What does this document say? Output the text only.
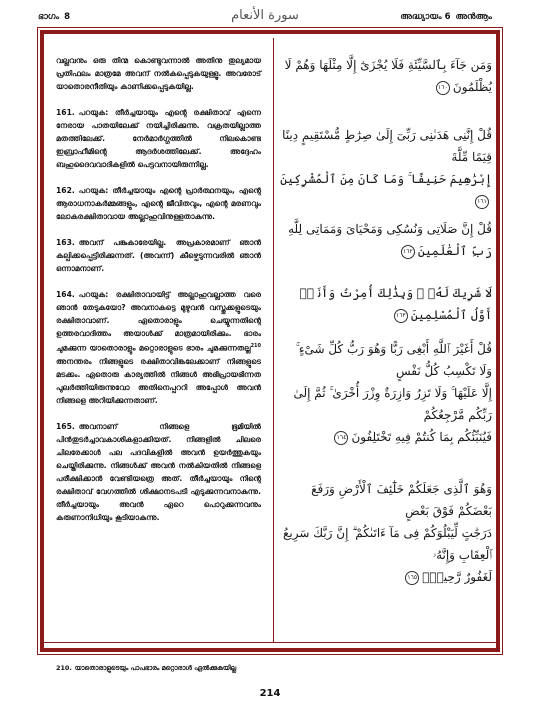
ഭാഗം 8	سورة الأنعام	അദ്ധ്യായം 6 അൻആം

വല്ലവനും ഒരു തിന്മ കൊണ്ടുവന്നാൽ അതിനു തുല്യമായ പ്രതിഫലം മാത്രമേ അവന് നൽകപ്പെടുകയുള്ളൂ. അവരോട് യാതൊരനീതിയും കാണിക്കപ്പെടുകയില്ല.

161. പറയുക: തീർച്ചയായും എന്റെ രക്ഷിതാവ് എന്നെ നേരായ പാതയിലേക്ക് നയിച്ചിരിക്കുന്നു. വക്രതയില്ലാത്ത മതത്തിലേക്ക്. നേർമാർഗ്ഗത്തിൽ നിലകൊണ്ട ഇബ്രാഹീമിന്റെ ആദർശത്തിലേക്ക്. അദ്ദേഹം ബഹുദൈവവാദികളിൽ പെട്ടവനായിരുന്നില്ല.

162. പറയുക: തീർച്ചയായും എന്റെ പ്രാർത്ഥനയും, എന്റെ ആരാധനാകർമ്മങ്ങളും, എന്റെ ജീവിതവും, എന്റെ മരണവും ലോകരക്ഷിതാവായ അല്ലാഹുവിനുള്ളതാകുന്നു.

163. അവന് പങ്കുകാരേയില്ല. അപ്രകാരമാണ് ഞാൻ കല്പിക്കപ്പെട്ടിരിക്കുന്നത്. (അവന്ന്) കീഴ്പെടുന്നവരിൽ ഞാൻ ഒന്നാമനാണ്.

164. പറയുക: രക്ഷിതാവായിട്ട് അല്ലാഹുവല്ലാത്ത വരെ ഞാൻ തേടുകയോ? അവനാകട്ടെ മുഴുവൻ വസ്തുക്കളുടെയും രക്ഷിതാവാണ്. ഏതൊരാളും ചെയ്യുന്നതിന്റെ ഉത്തരവാദിത്തം അയാൾക്ക് മാത്രമായിരിക്കും. ഭാരം ചുമക്കുന്ന യാതൊരാളും മറ്റൊരാളുടെ ഭാരം ചുമക്കുന്നതല്ല$^{210}$ അനന്തരം നിങ്ങളുടെ രക്ഷിതാവിങ്കലേക്കാണ് നിങ്ങളുടെ മടക്കം. ഏതൊരു കാര്യത്തിൽ നിങ്ങൾ അഭിപ്രായഭിന്നത പുലർത്തിയിരുന്നുവോ അതിനെപ്പററി അപ്പോൾ അവൻ നിങ്ങളെ അറിയിക്കുന്നതാണ്.

165. അവനാണ് നിങ്ങളെ ഭൂമിയിൽ പിൻതുടർച്ചാവകാശികളാക്കിയത്. നിങ്ങളിൽ ചിലരെ ചിലരേക്കാൾ പല പദവികളിൽ അവൻ ഉയർത്തുകയും ചെയ്തിരിക്കുന്നു. നിങ്ങൾക്ക് അവൻ നൽകിയതിൽ നിങ്ങളെ പരീക്ഷിക്കാൻ വേണ്ടിയത്രെ അത്. തീർച്ചയായും നിന്റെ രക്ഷിതാവ് വേഗത്തിൽ ശിക്ഷാനടപടി എടുക്കുന്നവനാകുന്നു. തീർച്ചയായും അവൻ ഏറെ പൊറുക്കുന്നവനും കരുണാനിധിയും കൂടിയാകുന്നു.

وَمَن جَآءَ بِٱلسَّيِّئَةِ فَلَا يُجْزَىٰٓ إِلَّا مِثْلَهَا وَهُمْ لَا يُظْلَمُونَ١٦٠
قُلْ إِنَّنِى هَدَىٰنِى رَبِّىٓ إِلَىٰ صِرَٰطٍ مُّسْتَقِيمٍ دِينًا قِيَمًا مِّلَّةَ
إِبْرَٰهِيمَ حَنِيفًا ۚ وَمَا كَانَ مِنَ ٱلْمُشْرِكِينَ١٦١
قُلْ إِنَّ صَلَاتِى وَنُسُكِى وَمَحْيَاىَ وَمَمَاتِى لِلَّهِ
رَبِّ ٱلْعَٰلَمِينَ١٦٢
لَا شَرِيكَ لَهُۥ ۖ وَبِذَٰلِكَ أُمِرْتُ وَأَنَا۠ أَوَّلُ ٱلْمُسْلِمِينَ١٦٣
قُلْ أَغَيْرَ ٱللَّهِ أَبْغِى رَبًّا وَهُوَ رَبُّ كُلِّ شَىْءٍ ۚ وَلَا تَكْسِبُ كُلُّ نَفْسٍ
إِلَّا عَلَيْهَا ۚ وَلَا تَزِرُ وَازِرَةٌ وِزْرَ أُخْرَىٰ ۚ ثُمَّ إِلَىٰ رَبِّكُم مَّرْجِعُكُمْ
فَيُنَبِّئُكُم بِمَا كُنتُمْ فِيهِ تَخْتَلِفُونَ١٦٤
وَهُوَ ٱلَّذِى جَعَلَكُمْ خَلَٰٓئِفَ ٱلْأَرْضِ وَرَفَعَ بَعْضَكُمْ فَوْقَ بَعْضٍ
دَرَجَٰتٍ لِّيَبْلُوَكُمْ فِى مَآ ءَاتَىٰكُمْ ۗ إِنَّ رَبَّكَ سَرِيعُ ٱلْعِقَابِ وَإِنَّهُۥ
لَغَفُورٌ رَّحِيمٌۢ١٦٥
210. യാതൊരാളുടെയും പാപഭാരം മറ്റൊരാൾ ഏൽക്കുകയില്ല
214
